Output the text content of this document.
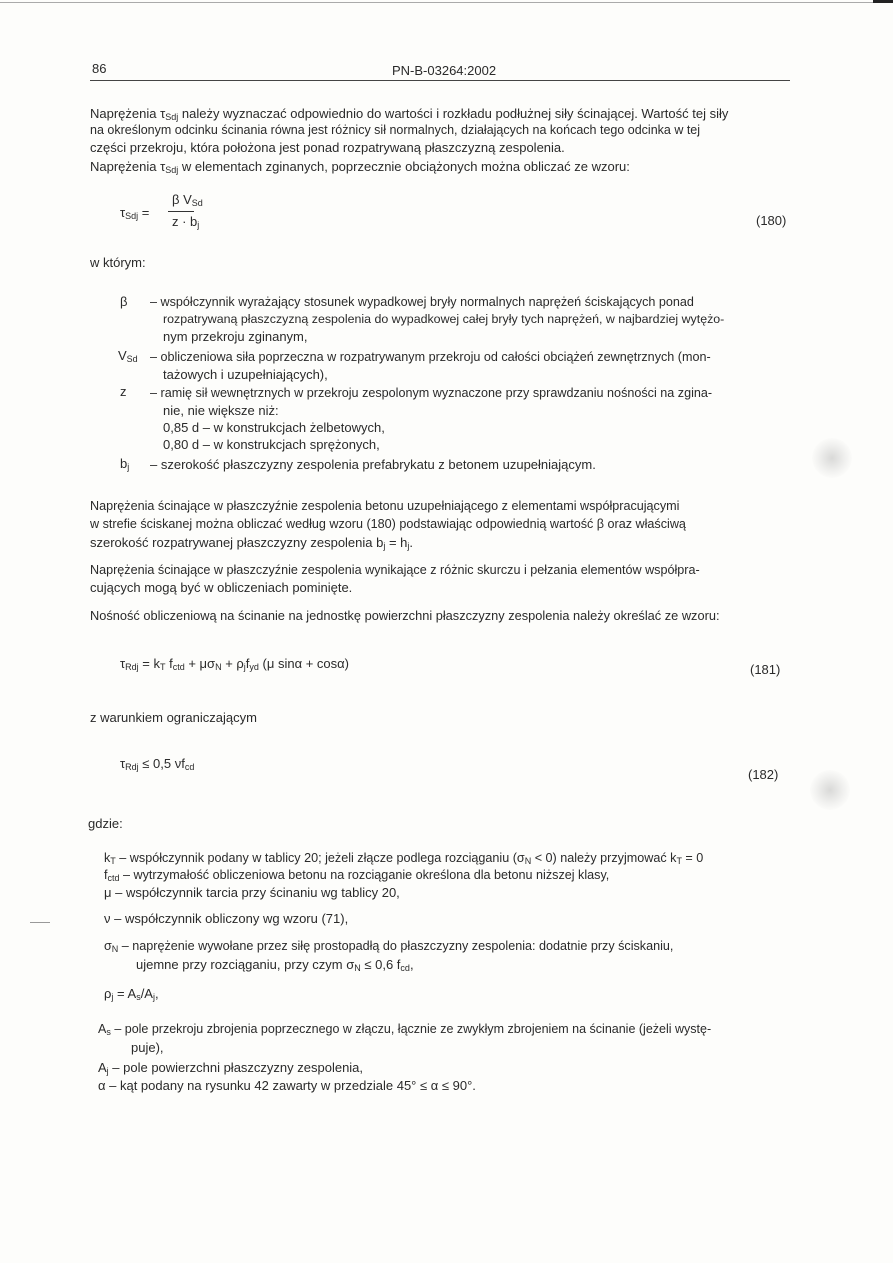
86	PN-B-03264:2002
Naprężenia τSdj należy wyznaczać odpowiednio do wartości i rozkładu podłużnej siły ścinającej. Wartość tej siły
na określonym odcinku ścinania równa jest różnicy sił normalnych, działających na końcach tego odcinka w tej
części przekroju, która położona jest ponad rozpatrywaną płaszczyzną zespolenia.
Naprężenia τSdj w elementach zginanych, poprzecznie obciążonych można obliczać ze wzoru:
τSdj =
β VSd
z · bj	(180)
w którym:
β – współczynnik wyrażający stosunek wypadkowej bryły normalnych naprężeń ściskających ponad
rozpatrywaną płaszczyzną zespolenia do wypadkowej całej bryły tych naprężeń, w najbardziej wytężo-
nym przekroju zginanym,
VSd – obliczeniowa siła poprzeczna w rozpatrywanym przekroju od całości obciążeń zewnętrznych (mon-
tażowych i uzupełniających),
z – ramię sił wewnętrznych w przekroju zespolonym wyznaczone przy sprawdzaniu nośności na zgina-
nie, nie większe niż:
0,85 d – w konstrukcjach żelbetowych,
0,80 d – w konstrukcjach sprężonych,
bj – szerokość płaszczyzny zespolenia prefabrykatu z betonem uzupełniającym.
Naprężenia ścinające w płaszczyźnie zespolenia betonu uzupełniającego z elementami współpracującymi
w strefie ściskanej można obliczać według wzoru (180) podstawiając odpowiednią wartość β oraz właściwą
szerokość rozpatrywanej płaszczyzny zespolenia bj = hj.
Naprężenia ścinające w płaszczyźnie zespolenia wynikające z różnic skurczu i pełzania elementów współpra-
cujących mogą być w obliczeniach pominięte.
Nośność obliczeniową na ścinanie na jednostkę powierzchni płaszczyzny zespolenia należy określać ze wzoru:
τRdj = kT fctd + μσN + ρjfyd (μ sinα + cosα)	(181)
z warunkiem ograniczającym
τRdj ≤ 0,5 νfcd	(182)
gdzie:
kT – współczynnik podany w tablicy 20; jeżeli złącze podlega rozciąganiu (σN < 0) należy przyjmować kT = 0
fctd – wytrzymałość obliczeniowa betonu na rozciąganie określona dla betonu niższej klasy,
μ – współczynnik tarcia przy ścinaniu wg tablicy 20,
ν – współczynnik obliczony wg wzoru (71),
σN – naprężenie wywołane przez siłę prostopadłą do płaszczyzny zespolenia: dodatnie przy ściskaniu,
ujemne przy rozciąganiu, przy czym σN ≤ 0,6 fcd,
ρj = As/Aj,
As – pole przekroju zbrojenia poprzecznego w złączu, łącznie ze zwykłym zbrojeniem na ścinanie (jeżeli wystę-
puje),
Aj – pole powierzchni płaszczyzny zespolenia,
α – kąt podany na rysunku 42 zawarty w przedziale 45° ≤ α ≤ 90°.
